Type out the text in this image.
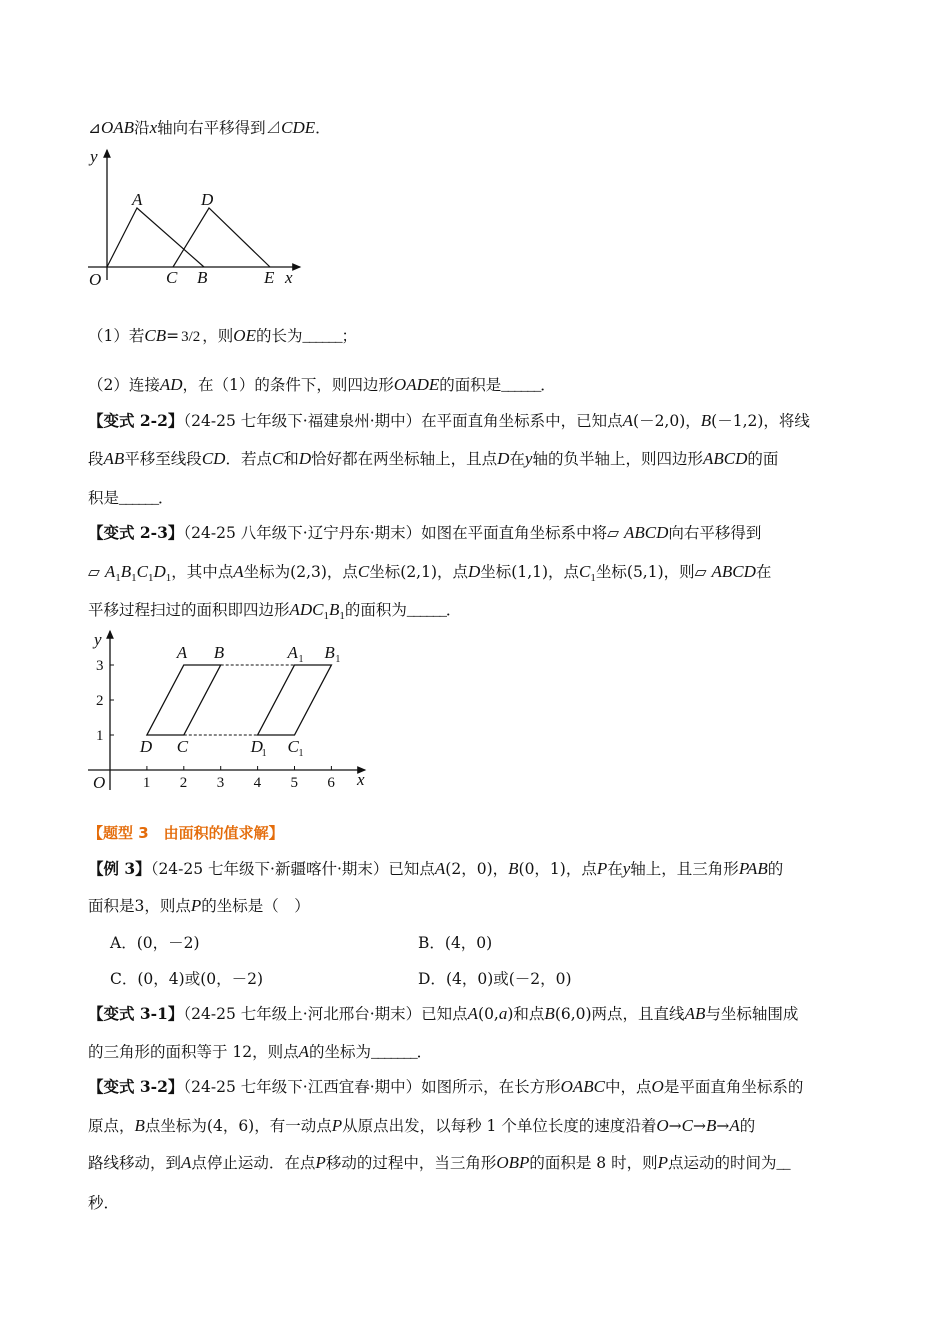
⊿OAB沿x轴向右平移得到⊿CDE．
（1）若CB= 3/2 ，则OE的长为______；
（2）连接AD，在（1）的条件下，则四边形OADE的面积是______．
【变式 2-2】（24-25 七年级下·福建泉州·期中）在平面直角坐标系中，已知点A(－2,0)，B(－1,2)，将线
段AB平移至线段CD．若点C和D恰好都在两坐标轴上，且点D在y轴的负半轴上，则四边形ABCD的面
积是______．
【变式 2-3】（24-25 八年级下·辽宁丹东·期末）如图在平面直角坐标系中将▱ ABCD向右平移得到
▱ $A_1B_1C_1D_1$，其中点A坐标为(2,3)，点C坐标(2,1)，点D坐标(1,1)，点$C_1$坐标(5,1)，则▱ ABCD在
平移过程扫过的面积即四边形$ADC_1B_1$的面积为______．
【题型 3　由面积的值求解】
【例 3】（24-25 七年级下·新疆喀什·期末）已知点A(2，0)，B(0，1)，点P在y轴上，且三角形PAB的
面积是3，则点P的坐标是（　）
【变式 3-1】（24-25 七年级上·河北邢台·期末）已知点A(0,a)和点B(6,0)两点，且直线AB与坐标轴围成
的三角形的面积等于 12，则点A的坐标为_______．
【变式 3-2】（24-25 七年级下·江西宜春·期中）如图所示，在长方形OABC中，点O是平面直角坐标系的
原点，B点坐标为(4，6)，有一动点P从原点出发，以每秒 1 个单位长度的速度沿着O→C→B→A的
路线移动，到A点停止运动．在点P移动的过程中，当三角形OBP的面积是 8 时，则P点运动的时间为__
秒．
y
A	D
O	C B	E x
1 2 3 4 5 6
1
2
3
A B	A 1 B 1
D C	D
1 C 1
y
O	x
A．(0，－2)	B．(4，0)
C．(0，4)或(0，－2)	D．(4，0)或(－2，0)
